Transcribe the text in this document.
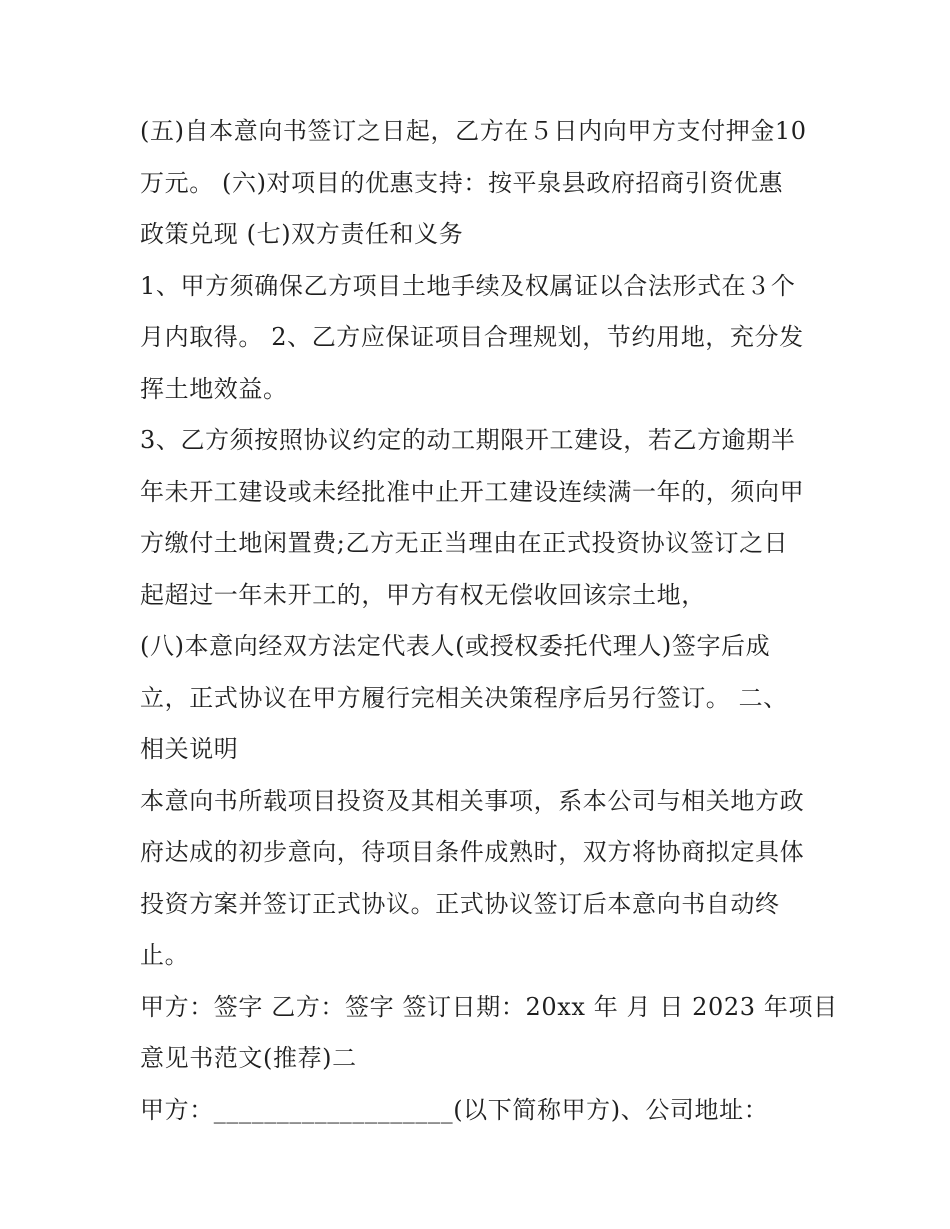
(五)自本意向书签订之日起，乙方在５日内向甲方支付押金10
万元。 (六)对项目的优惠支持：按平泉县政府招商引资优惠
政策兑现 (七)双方责任和义务
1、甲方须确保乙方项目土地手续及权属证以合法形式在３个
月内取得。 2、乙方应保证项目合理规划，节约用地，充分发
挥土地效益。
3、乙方须按照协议约定的动工期限开工建设，若乙方逾期半
年未开工建设或未经批准中止开工建设连续满一年的，须向甲
方缴付土地闲置费;乙方无正当理由在正式投资协议签订之日
起超过一年未开工的，甲方有权无偿收回该宗土地，
(八)本意向经双方法定代表人(或授权委托代理人)签字后成
立，正式协议在甲方履行完相关决策程序后另行签订。 二、
相关说明
本意向书所载项目投资及其相关事项，系本公司与相关地方政
府达成的初步意向，待项目条件成熟时，双方将协商拟定具体
投资方案并签订正式协议。正式协议签订后本意向书自动终
止。
甲方：签字 乙方：签字 签订日期：20xx 年 月 日 2023 年项目
意见书范文(推荐)二
甲方：___________________(以下简称甲方)、公司地址：
